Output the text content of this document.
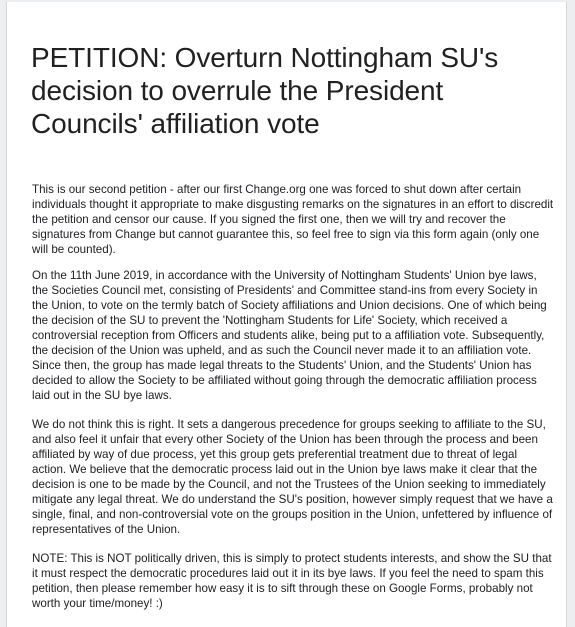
PETITION: Overturn Nottingham SU's decision to overrule the President Councils' affiliation vote

This is our second petition - after our first Change.org one was forced to shut down after certain individuals thought it appropriate to make disgusting remarks on the signatures in an effort to discredit the petition and censor our cause. If you signed the first one, then we will try and recover the signatures from Change but cannot guarantee this, so feel free to sign via this form again (only one will be counted).

On the 11th June 2019, in accordance with the University of Nottingham Students' Union bye laws, the Societies Council met, consisting of Presidents' and Committee stand-ins from every Society in the Union, to vote on the termly batch of Society affiliations and Union decisions. One of which being the decision of the SU to prevent the 'Nottingham Students for Life' Society, which received a controversial reception from Officers and students alike, being put to a affiliation vote. Subsequently, the decision of the Union was upheld, and as such the Council never made it to an affiliation vote. Since then, the group has made legal threats to the Students' Union, and the Students' Union has decided to allow the Society to be affiliated without going through the democratic affiliation process laid out in the SU bye laws.

We do not think this is right. It sets a dangerous precedence for groups seeking to affiliate to the SU, and also feel it unfair that every other Society of the Union has been through the process and been affiliated by way of due process, yet this group gets preferential treatment due to threat of legal action. We believe that the democratic process laid out in the Union bye laws make it clear that the decision is one to be made by the Council, and not the Trustees of the Union seeking to immediately mitigate any legal threat. We do understand the SU's position, however simply request that we have a single, final, and non-controversial vote on the groups position in the Union, unfettered by influence of representatives of the Union.

NOTE: This is NOT politically driven, this is simply to protect students interests, and show the SU that it must respect the democratic procedures laid out it in its bye laws. If you feel the need to spam this petition, then please remember how easy it is to sift through these on Google Forms, probably not worth your time/money! :)
